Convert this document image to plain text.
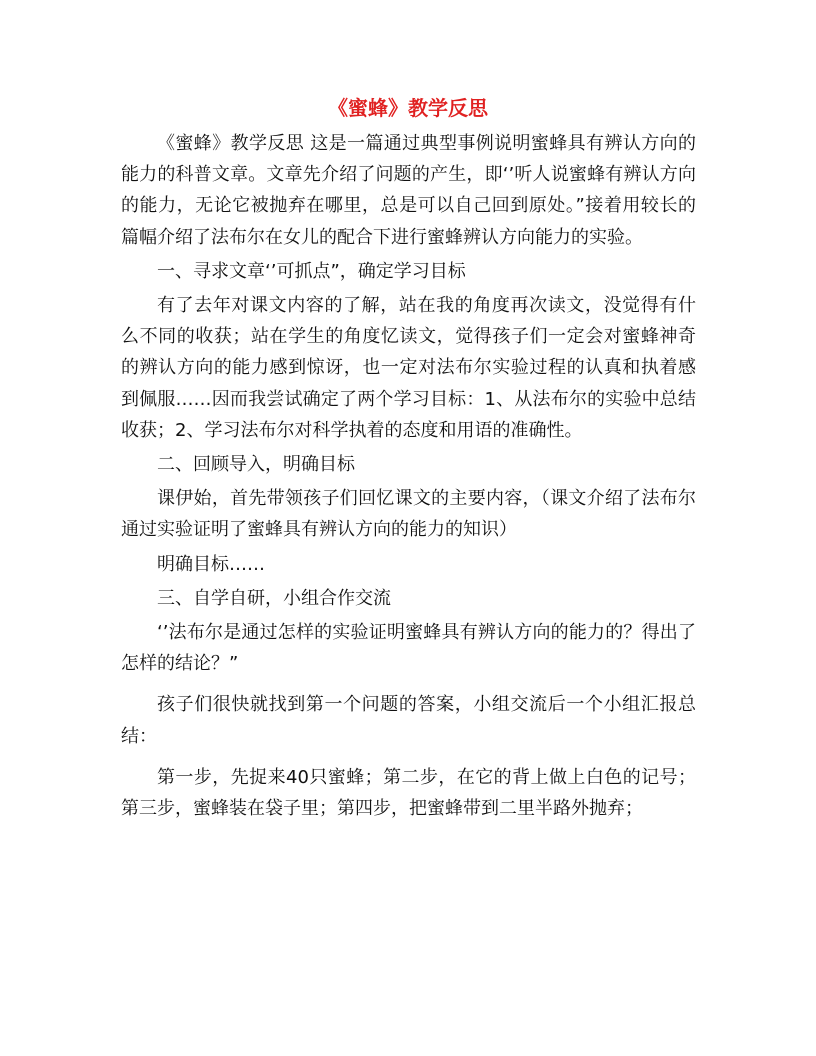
《蜜蜂》教学反思

《蜜蜂》教学反思 这是一篇通过典型事例说明蜜蜂具有辨认方向的能力的科普文章。文章先介绍了问题的产生，即‘’听人说蜜蜂有辨认方向的能力，无论它被抛弃在哪里，总是可以自己回到原处。”接着用较长的篇幅介绍了法布尔在女儿的配合下进行蜜蜂辨认方向能力的实验。

一、寻求文章‘’可抓点”，确定学习目标

有了去年对课文内容的了解，站在我的角度再次读文，没觉得有什么不同的收获；站在学生的角度忆读文，觉得孩子们一定会对蜜蜂神奇的辨认方向的能力感到惊讶，也一定对法布尔实验过程的认真和执着感到佩服……因而我尝试确定了两个学习目标：1、从法布尔的实验中总结收获；2、学习法布尔对科学执着的态度和用语的准确性。

二、回顾导入，明确目标

课伊始，首先带领孩子们回忆课文的主要内容，（课文介绍了法布尔通过实验证明了蜜蜂具有辨认方向的能力的知识）

明确目标……

三、自学自研，小组合作交流

‘’法布尔是通过怎样的实验证明蜜蜂具有辨认方向的能力的？得出了怎样的结论？”

孩子们很快就找到第一个问题的答案，小组交流后一个小组汇报总结：

第一步，先捉来40只蜜蜂；第二步，在它的背上做上白色的记号；第三步，蜜蜂装在袋子里；第四步，把蜜蜂带到二里半路外抛弃；
